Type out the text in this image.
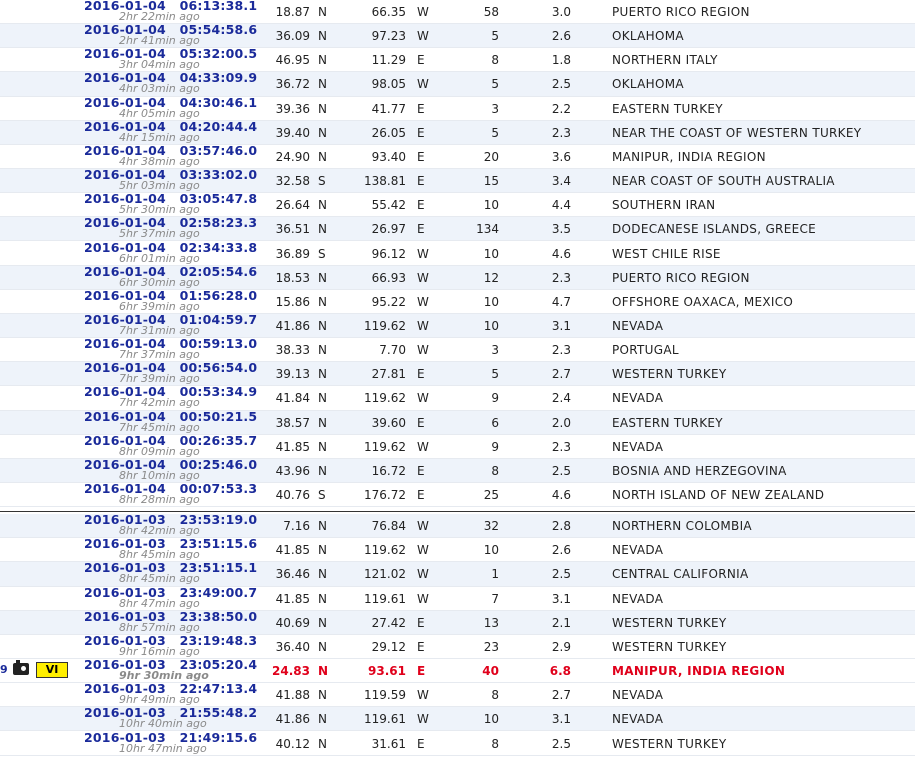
2016-01-04   06:13:38.1
2hr 22min ago	18.87 N	66.35 W	58	3.0	PUERTO RICO REGION
2016-01-04   05:54:58.6
2hr 41min ago	36.09 N	97.23 W	5	2.6	OKLAHOMA
2016-01-04   05:32:00.5
3hr 04min ago	46.95 N	11.29 E	8	1.8	NORTHERN ITALY
2016-01-04   04:33:09.9
4hr 03min ago	36.72 N	98.05 W	5	2.5	OKLAHOMA
2016-01-04   04:30:46.1
4hr 05min ago	39.36 N	41.77 E	3	2.2	EASTERN TURKEY
2016-01-04   04:20:44.4
4hr 15min ago	39.40 N	26.05 E	5	2.3	NEAR THE COAST OF WESTERN TURKEY
2016-01-04   03:57:46.0
4hr 38min ago	24.90 N	93.40 E	20	3.6	MANIPUR, INDIA REGION
2016-01-04   03:33:02.0
5hr 03min ago	32.58 S	138.81 E	15	3.4	NEAR COAST OF SOUTH AUSTRALIA
2016-01-04   03:05:47.8
5hr 30min ago	26.64 N	55.42 E	10	4.4	SOUTHERN IRAN
2016-01-04   02:58:23.3
5hr 37min ago	36.51 N	26.97 E	134	3.5	DODECANESE ISLANDS, GREECE
2016-01-04   02:34:33.8
6hr 01min ago	36.89 S	96.12 W	10	4.6	WEST CHILE RISE
2016-01-04   02:05:54.6
6hr 30min ago	18.53 N	66.93 W	12	2.3	PUERTO RICO REGION
2016-01-04   01:56:28.0
6hr 39min ago	15.86 N	95.22 W	10	4.7	OFFSHORE OAXACA, MEXICO
2016-01-04   01:04:59.7
7hr 31min ago	41.86 N	119.62 W	10	3.1	NEVADA
2016-01-04   00:59:13.0
7hr 37min ago	38.33 N	7.70 W	3	2.3	PORTUGAL
2016-01-04   00:56:54.0
7hr 39min ago	39.13 N	27.81 E	5	2.7	WESTERN TURKEY
2016-01-04   00:53:34.9
7hr 42min ago	41.84 N	119.62 W	9	2.4	NEVADA
2016-01-04   00:50:21.5
7hr 45min ago	38.57 N	39.60 E	6	2.0	EASTERN TURKEY
2016-01-04   00:26:35.7
8hr 09min ago	41.85 N	119.62 W	9	2.3	NEVADA
2016-01-04   00:25:46.0
8hr 10min ago	43.96 N	16.72 E	8	2.5	BOSNIA AND HERZEGOVINA
2016-01-04   00:07:53.3
8hr 28min ago	40.76 S	176.72 E	25	4.6	NORTH ISLAND OF NEW ZEALAND
2016-01-03   23:53:19.0
8hr 42min ago	7.16 N	76.84 W	32	2.8	NORTHERN COLOMBIA
2016-01-03   23:51:15.6
8hr 45min ago	41.85 N	119.62 W	10	2.6	NEVADA
2016-01-03   23:51:15.1
8hr 45min ago	36.46 N	121.02 W	1	2.5	CENTRAL CALIFORNIA
2016-01-03   23:49:00.7
8hr 47min ago	41.85 N	119.61 W	7	3.1	NEVADA
2016-01-03   23:38:50.0
8hr 57min ago	40.69 N	27.42 E	13	2.1	WESTERN TURKEY
2016-01-03   23:19:48.3
9hr 16min ago	36.40 N	29.12 E	23	2.9	WESTERN TURKEY
9	VI	2016-01-03   23:05:20.4
9hr 30min ago	24.83 N	93.61 E	40	6.8	MANIPUR, INDIA REGION
2016-01-03   22:47:13.4
9hr 49min ago	41.88 N	119.59 W	8	2.7	NEVADA
2016-01-03   21:55:48.2
10hr 40min ago	41.86 N	119.61 W	10	3.1	NEVADA
2016-01-03   21:49:15.6
10hr 47min ago	40.12 N	31.61 E	8	2.5	WESTERN TURKEY
